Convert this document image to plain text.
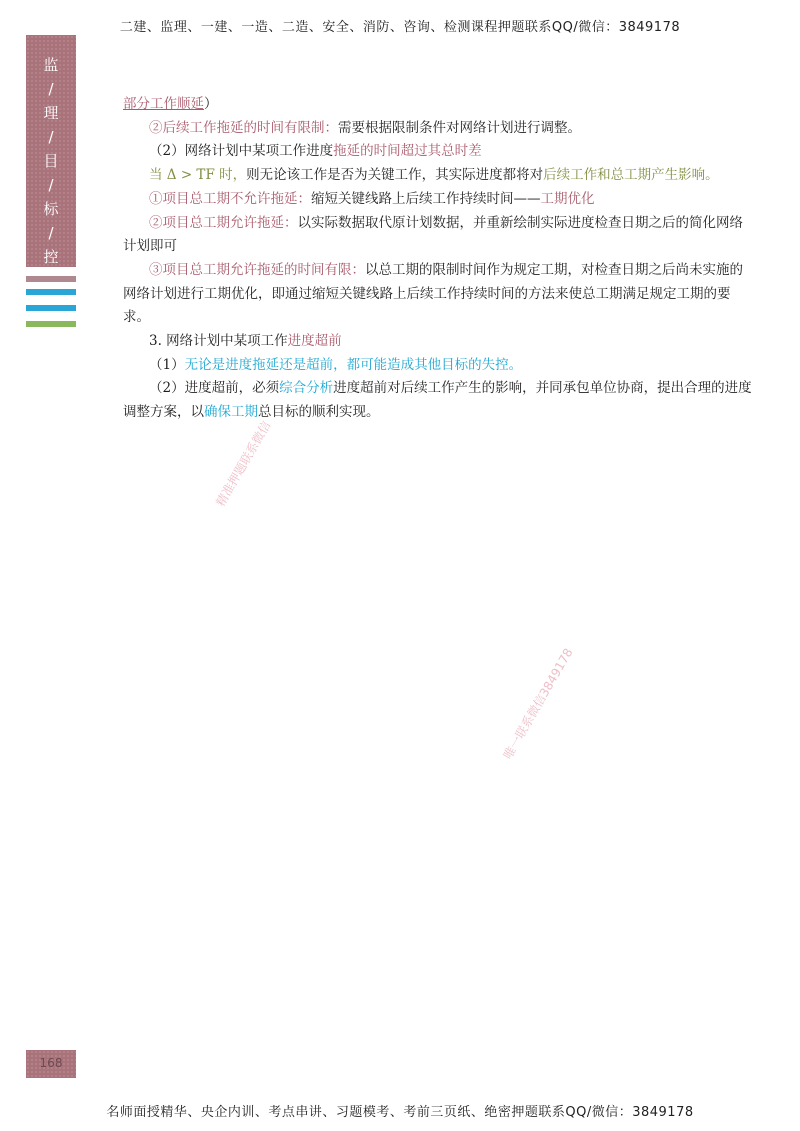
二建、监理、一建、一造、二造、安全、消防、咨询、检测课程押题联系QQ/微信：3849178
监
/
理
/
目
/
标
/
控

部分工作顺延）

②后续工作拖延的时间有限制：需要根据限制条件对网络计划进行调整。

（2）网络计划中某项工作进度拖延的时间超过其总时差

当 Δ > TF 时，则无论该工作是否为关键工作，其实际进度都将对后续工作和总工期产生影响。

①项目总工期不允许拖延：缩短关键线路上后续工作持续时间——工期优化

②项目总工期允许拖延：以实际数据取代原计划数据，并重新绘制实际进度检查日期之后的简化网络计划即可

③项目总工期允许拖延的时间有限：以总工期的限制时间作为规定工期，对检查日期之后尚未实施的网络计划进行工期优化，即通过缩短关键线路上后续工作持续时间的方法来使总工期满足规定工期的要求。

3. 网络计划中某项工作进度超前

（1）无论是进度拖延还是超前，都可能造成其他目标的失控。

（2）进度超前，必须综合分析进度超前对后续工作产生的影响，并同承包单位协商，提出合理的进度调整方案，以确保工期总目标的顺利实现。

精准押题联系微信
唯一联系微信3849178
168
名师面授精华、央企内训、考点串讲、习题模考、考前三页纸、绝密押题联系QQ/微信：3849178
